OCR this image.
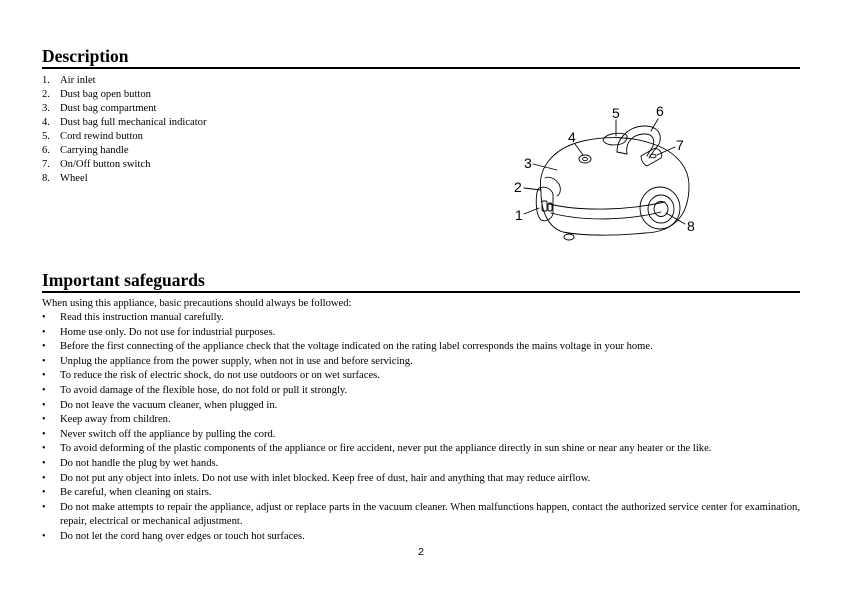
Description
1. Air inlet
2. Dust bag open button
3. Dust bag compartment
4. Dust bag full mechanical indicator
5. Cord rewind button
6. Carrying handle
7. On/Off button switch
8. Wheel
1
2
3
4
5	6
7
8
Important safeguards

When using this appliance, basic precautions should always be followed:

•	Read this instruction manual carefully.
•	Home use only. Do not use for industrial purposes.
•	Before the first connecting of the appliance check that the voltage indicated on the rating label corresponds the mains voltage in your home.
•	Unplug the appliance from the power supply, when not in use and before servicing.
•	To reduce the risk of electric shock, do not use outdoors or on wet surfaces.
•	To avoid damage of the flexible hose, do not fold or pull it strongly.
•	Do not leave the vacuum cleaner, when plugged in.
•	Keep away from children.
•	Never switch off the appliance by pulling the cord.
•	To avoid deforming of the plastic components of the appliance or fire accident, never put the appliance directly in sun shine or near any heater or the like.
•	Do not handle the plug by wet hands.
•	Do not put any object into inlets. Do not use with inlet blocked. Keep free of dust, hair and anything that may reduce airflow.
•	Be careful, when cleaning on stairs.
•	Do not make attempts to repair the appliance, adjust or replace parts in the vacuum cleaner. When malfunctions happen, contact the authorized service center for examination, repair, electrical or mechanical adjustment.
•	Do not let the cord hang over edges or touch hot surfaces.
2
